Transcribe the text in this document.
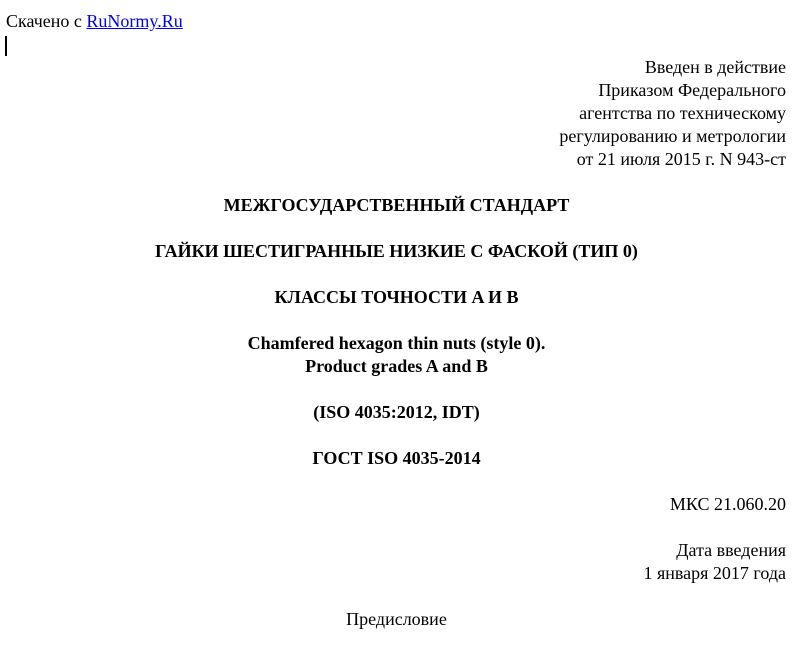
Скачено с RuNormy.Ru
Введен в действие
Приказом Федерального
агентства по техническому
регулированию и метрологии
от 21 июля 2015 г. N 943-ст
МЕЖГОСУДАРСТВЕННЫЙ СТАНДАРТ
ГАЙКИ ШЕСТИГРАННЫЕ НИЗКИЕ С ФАСКОЙ (ТИП 0)
КЛАССЫ ТОЧНОСТИ A И B
Chamfered hexagon thin nuts (style 0).
Product grades A and B
(ISO 4035:2012, IDT)
ГОСТ ISO 4035-2014
МКС 21.060.20
Дата введения
1 января 2017 года
Предисловие
